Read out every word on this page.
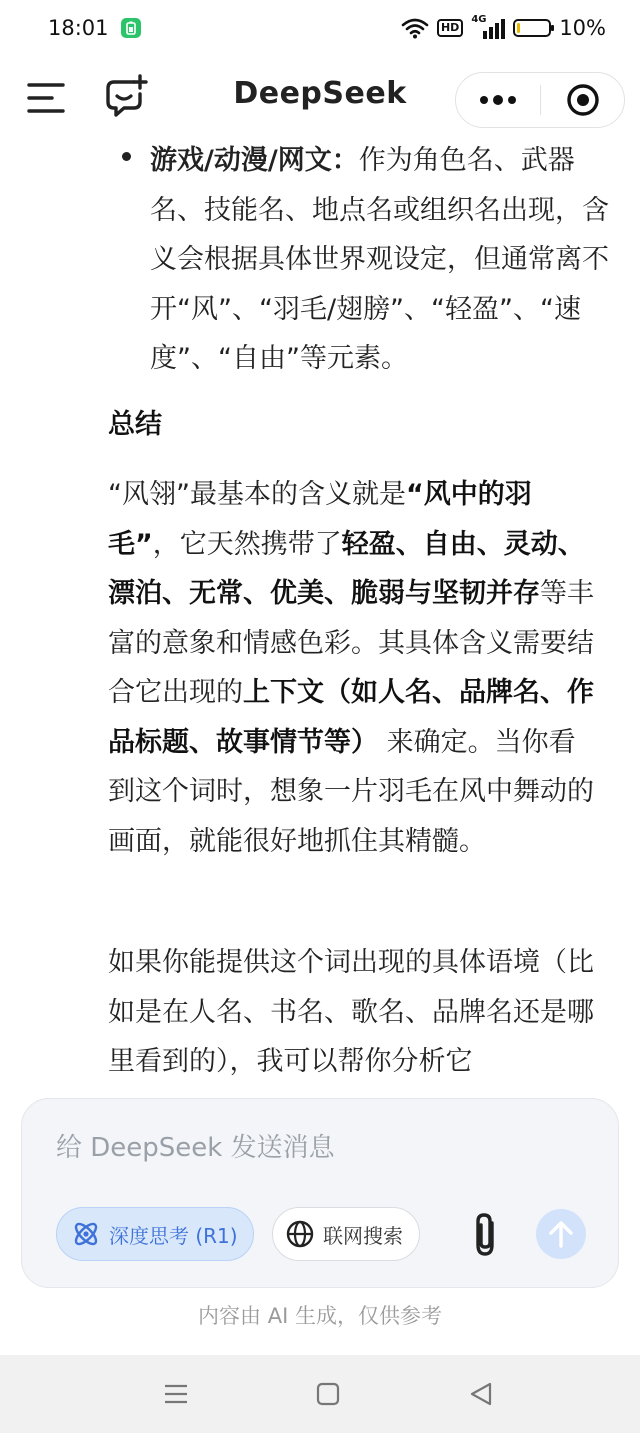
18:01	HD
4G	10%
DeepSeek
游戏/动漫/网文：作为角色名、武器名、技能名、地点名或组织名出现，含义会根据具体世界观设定，但通常离不开“风”、“羽毛/翅膀”、“轻盈”、“速度”、“自由”等元素。
总结
“风翎”最基本的含义就是“风中的羽毛”，它天然携带了轻盈、自由、灵动、漂泊、无常、优美、脆弱与坚韧并存等丰富的意象和情感色彩。其具体含义需要结合它出现的上下文（如人名、品牌名、作品标题、故事情节等） 来确定。当你看到这个词时，想象一片羽毛在风中舞动的画面，就能很好地抓住其精髓。
如果你能提供这个词出现的具体语境（比如是在人名、书名、歌名、品牌名还是哪里看到的），我可以帮你分析它
给 DeepSeek 发送消息
深度思考 (R1)	联网搜索
内容由 AI 生成，仅供参考
